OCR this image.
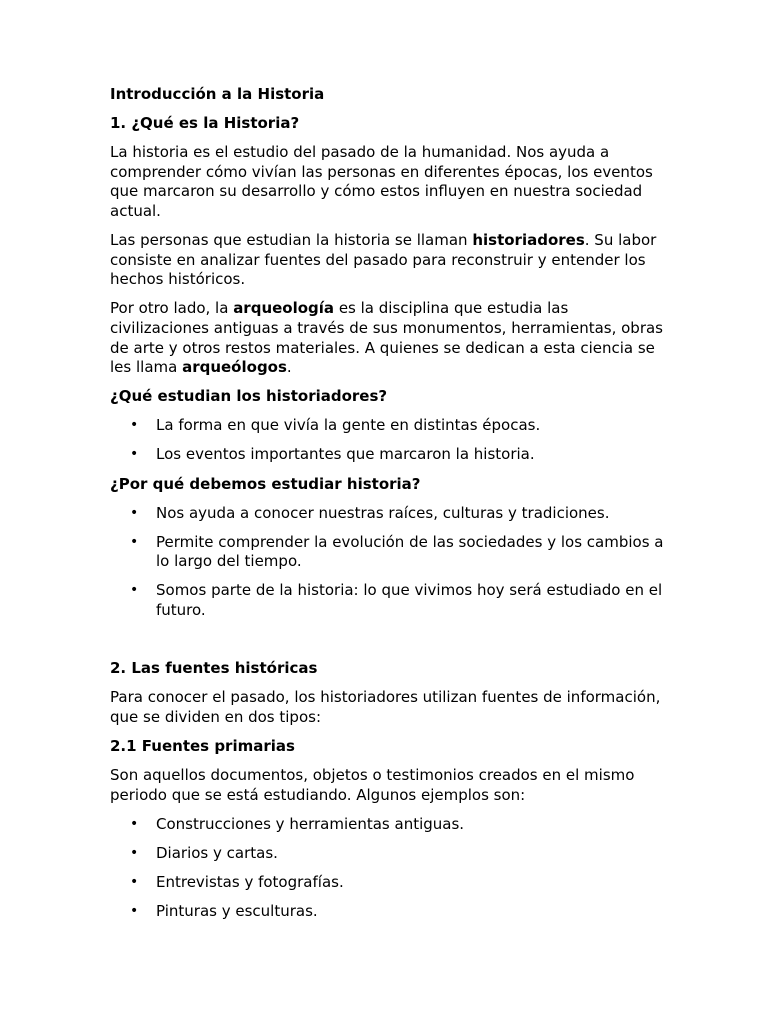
Introducción a la Historia
1. ¿Qué es la Historia?

La historia es el estudio del pasado de la humanidad. Nos ayuda a comprender cómo vivían las personas en diferentes épocas, los eventos que marcaron su desarrollo y cómo estos influyen en nuestra sociedad actual.

Las personas que estudian la historia se llaman historiadores. Su labor consiste en analizar fuentes del pasado para reconstruir y entender los hechos históricos.

Por otro lado, la arqueología es la disciplina que estudia las civilizaciones antiguas a través de sus monumentos, herramientas, obras de arte y otros restos materiales. A quienes se dedican a esta ciencia se les llama arqueólogos.

¿Qué estudian los historiadores?
• La forma en que vivía la gente en distintas épocas.
• Los eventos importantes que marcaron la historia.
¿Por qué debemos estudiar historia?
• Nos ayuda a conocer nuestras raíces, culturas y tradiciones.
• Permite comprender la evolución de las sociedades y los cambios a lo largo del tiempo.
• Somos parte de la historia: lo que vivimos hoy será estudiado en el futuro.
2. Las fuentes históricas

Para conocer el pasado, los historiadores utilizan fuentes de información, que se dividen en dos tipos:

2.1 Fuentes primarias

Son aquellos documentos, objetos o testimonios creados en el mismo periodo que se está estudiando. Algunos ejemplos son:

• Construcciones y herramientas antiguas.
• Diarios y cartas.
• Entrevistas y fotografías.
• Pinturas y esculturas.
